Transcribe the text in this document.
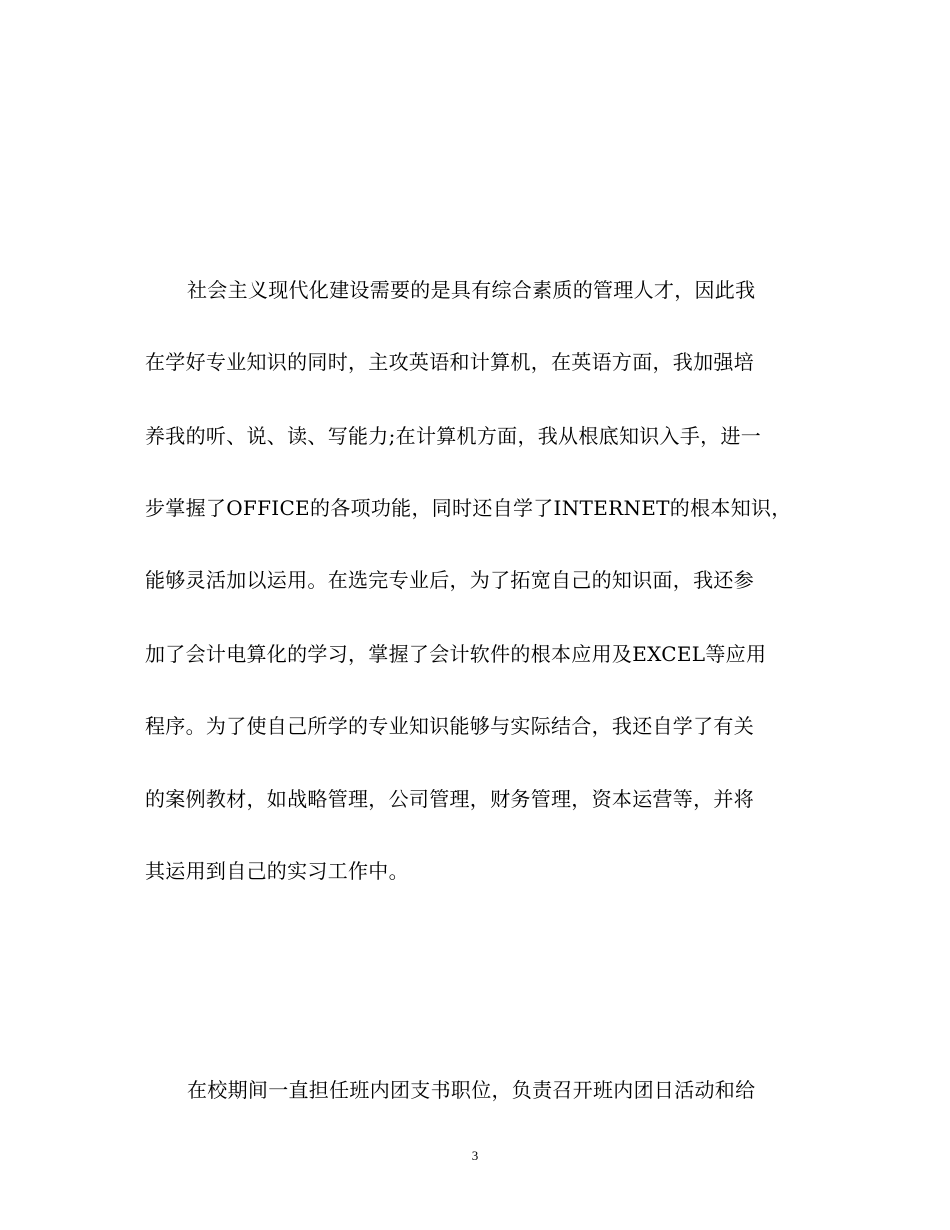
社会主义现代化建设需要的是具有综合素质的管理人才，因此我
在学好专业知识的同时，主攻英语和计算机，在英语方面，我加强培
养我的听、说、读、写能力;在计算机方面，我从根底知识入手，进一
步掌握了OFFICE的各项功能，同时还自学了INTERNET的根本知识，
能够灵活加以运用。在选完专业后，为了拓宽自己的知识面，我还参
加了会计电算化的学习，掌握了会计软件的根本应用及EXCEL等应用
程序。为了使自己所学的专业知识能够与实际结合，我还自学了有关
的案例教材，如战略管理，公司管理，财务管理，资本运营等，并将
其运用到自己的实习工作中。
在校期间一直担任班内团支书职位，负责召开班内团日活动和给
3
